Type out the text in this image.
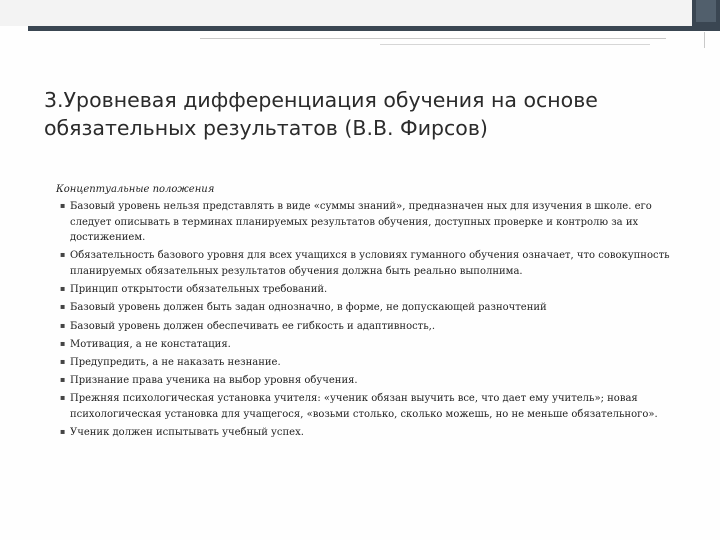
3.Уровневая дифференциация обучения на основе обязательных результатов (В.В. Фирсов)

Концептуальные положения

▪ Базовый уровень нельзя представлять в виде «суммы знаний», предназначен ных для изучения в школе. его следует описывать в терминах планируемых результатов обучения, доступных проверке и контролю за их достижением.
▪ Обязательность базового уровня для всех учащихся в условиях гуманного обучения означает, что совокупность планируемых обязательных результатов обучения должна быть реально выполнима.
▪ Принцип открытости обязательных требований.
▪ Базовый уровень должен быть задан однозначно, в форме, не допускающей разночтений
▪ Базовый уровень должен обеспечивать ее гибкость и адаптивность,.
▪ Мотивация, а не констатация.
▪ Предупредить, а не наказать незнание.
▪ Признание права ученика на выбор уровня обучения.
▪ Прежняя психологическая установка учителя: «ученик обязан выучить все, что дает ему учитель»; новая психологическая установка для учащегося, «возьми столько, сколько можешь, но не меньше обязательного».
▪ Ученик должен испытывать учебный успех.
